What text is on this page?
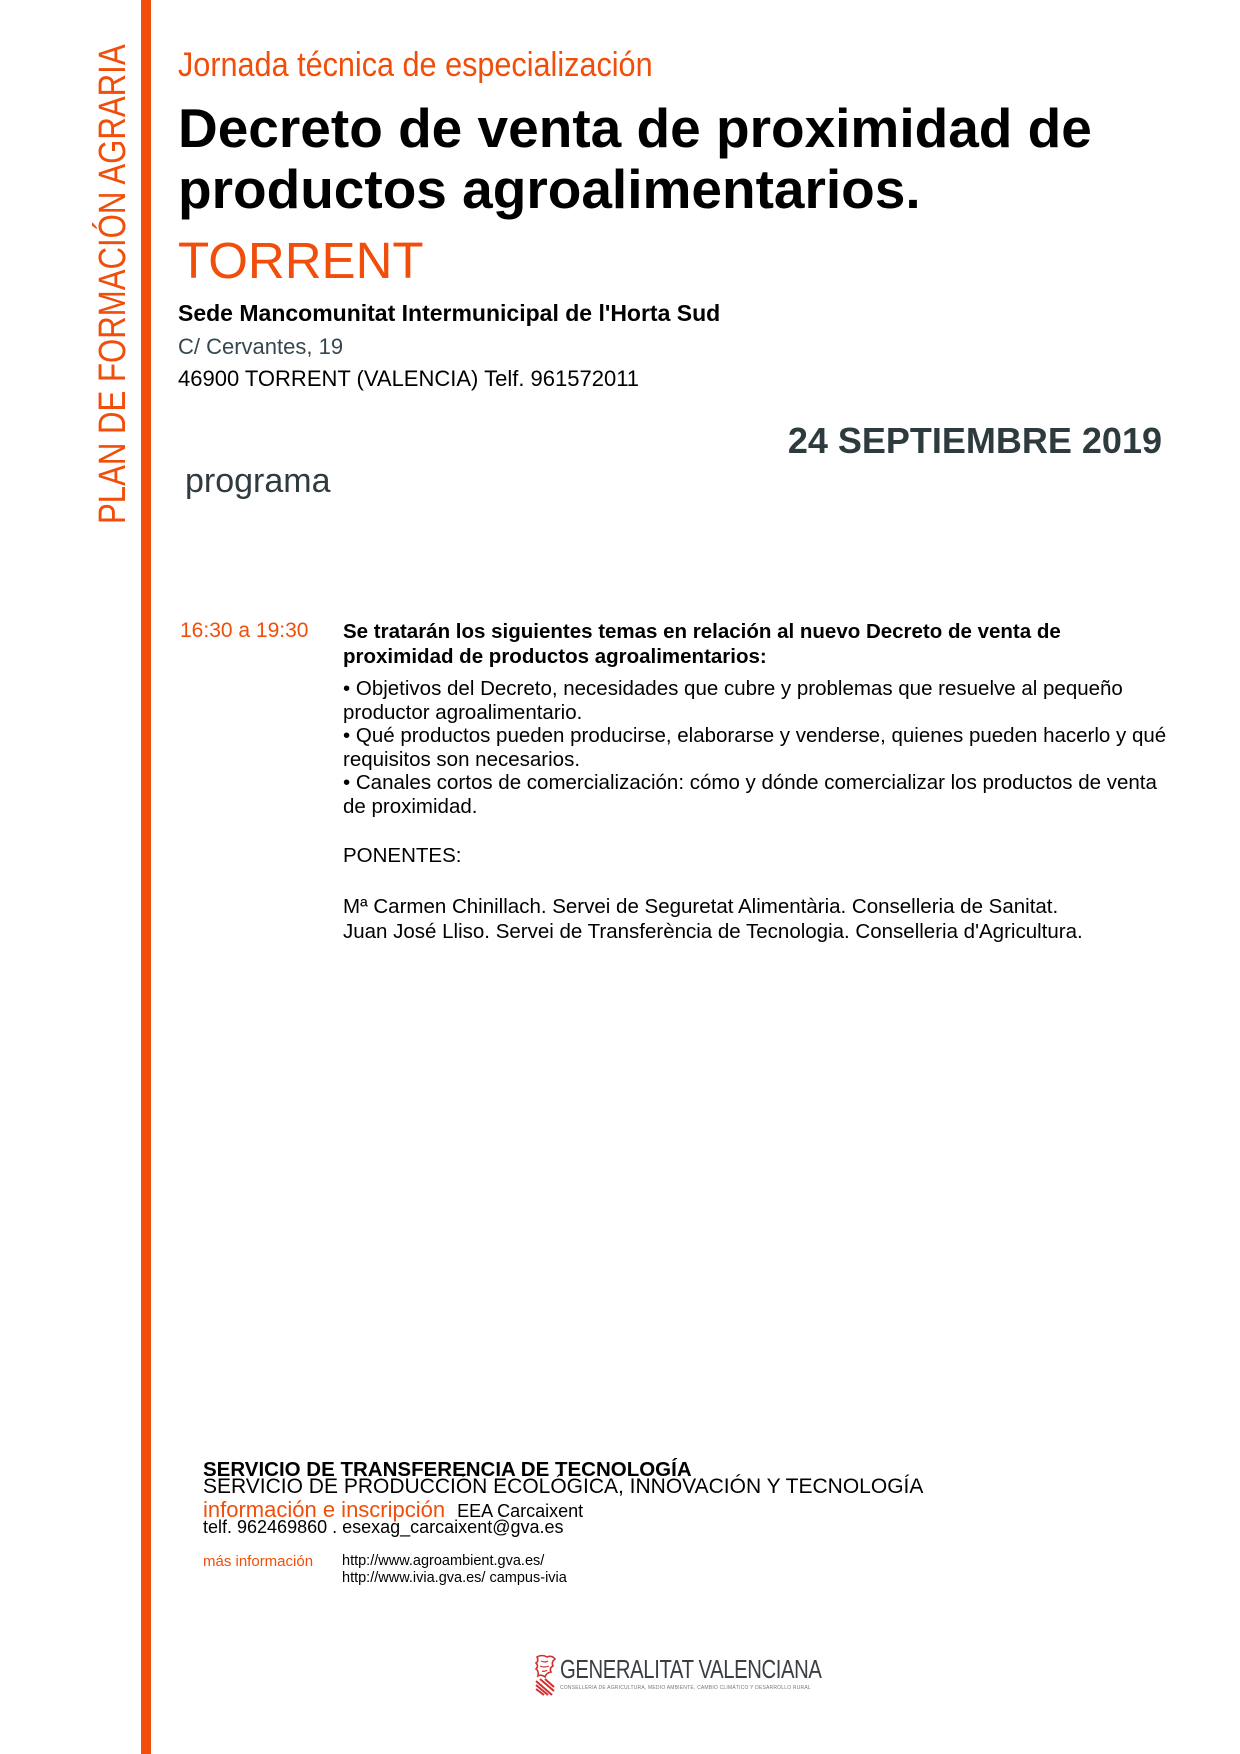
PLAN DE FORMACIÓN AGRARIA Jornada técnica de especialización
Decreto de venta de proximidad de productos agroalimentarios.
TORRENT
Sede Mancomunitat Intermunicipal de l'Horta Sud
C/ Cervantes, 19
46900 TORRENT (VALENCIA) Telf. 961572011
24 SEPTIEMBRE 2019
programa
16:30 a 19:30 Se tratarán los siguientes temas en relación al nuevo Decreto de venta de proximidad de productos agroalimentarios:
• Objetivos del Decreto, necesidades que cubre y problemas que resuelve al pequeño productor agroalimentario.
• Qué productos pueden producirse, elaborarse y venderse, quienes pueden hacerlo y qué requisitos son necesarios.
• Canales cortos de comercialización: cómo y dónde comercializar los productos de venta de proximidad.
PONENTES:
Mª Carmen Chinillach. Servei de Seguretat Alimentària. Conselleria de Sanitat.
Juan José Lliso. Servei de Transferència de Tecnologia. Conselleria d'Agricultura.
SERVICIO DE TRANSFERENCIA DE TECNOLOGÍA
SERVICIO DE PRODUCCIÓN ECOLÓGICA, INNOVACIÓN Y TECNOLOGÍA
información e inscripción EEA Carcaixent
telf. 962469860 . esexag_carcaixent@gva.es
más información http://www.agroambient.gva.es/
http://www.ivia.gva.es/ campus-ivia
GENERALITAT VALENCIANA
CONSELLERIA DE AGRICULTURA, MEDIO AMBIENTE, CAMBIO CLIMÁTICO Y DESARROLLO RURAL
